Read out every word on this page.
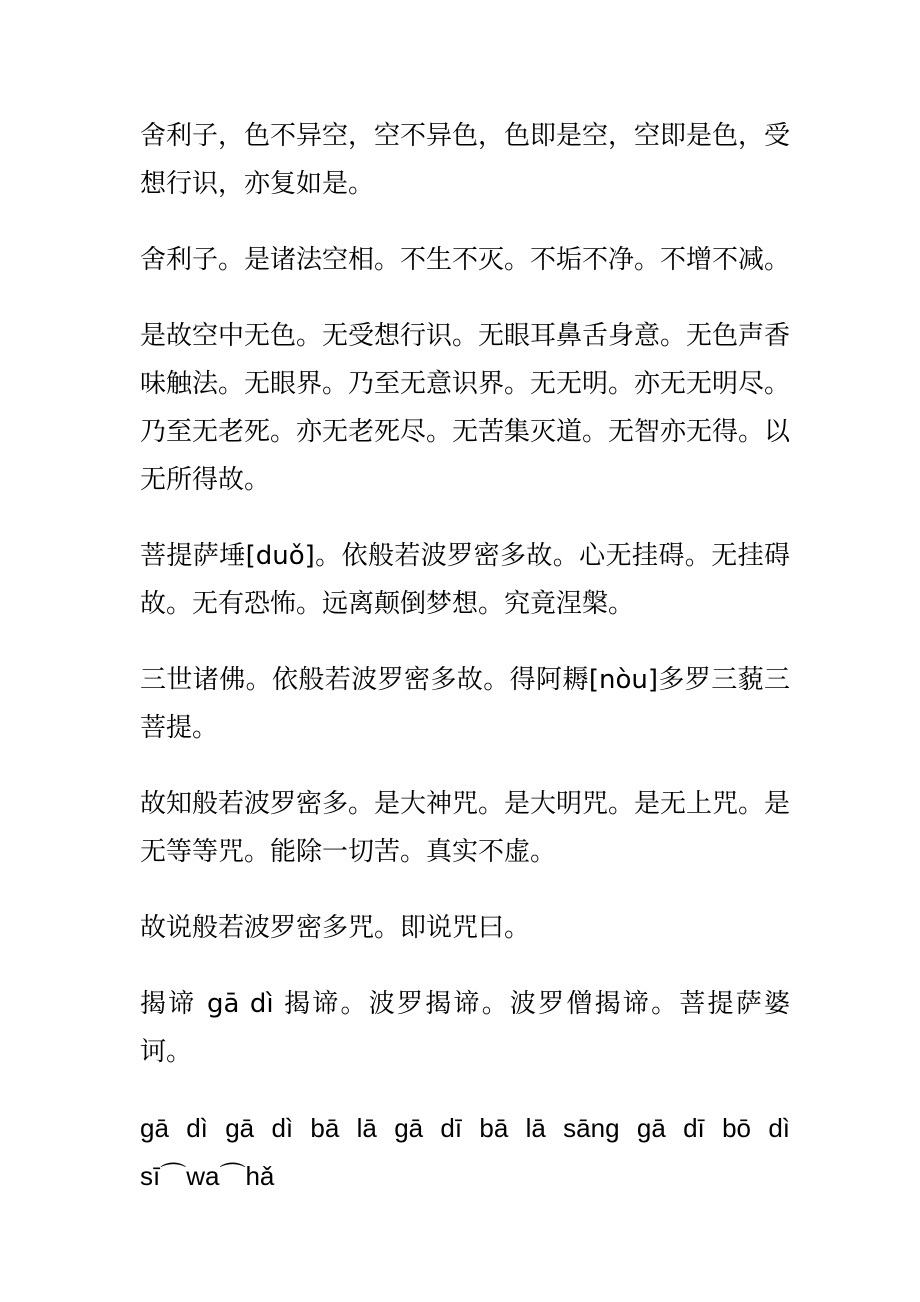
舍利子，色不异空，空不异色，色即是空，空即是色，受想行识，亦复如是。

舍利子。是诸法空相。不生不灭。不垢不净。不增不减。

是故空中无色。无受想行识。无眼耳鼻舌身意。无色声香味触法。无眼界。乃至无意识界。无无明。亦无无明尽。乃至无老死。亦无老死尽。无苦集灭道。无智亦无得。以无所得故。

菩提萨埵[duǒ]。依般若波罗密多故。心无挂碍。无挂碍故。无有恐怖。远离颠倒梦想。究竟涅槃。

三世诸佛。依般若波罗密多故。得阿耨[nòu]多罗三藐三菩提。

故知般若波罗密多。是大神咒。是大明咒。是无上咒。是无等等咒。能除一切苦。真实不虚。

故说般若波罗密多咒。即说咒曰。

揭谛 gā dì 揭谛。波罗揭谛。波罗僧揭谛。菩提萨婆诃。

gā dì gā dì bā lā gā dī bā lā sāng gā dī bō dì sī⌒wa⌒hǎ
